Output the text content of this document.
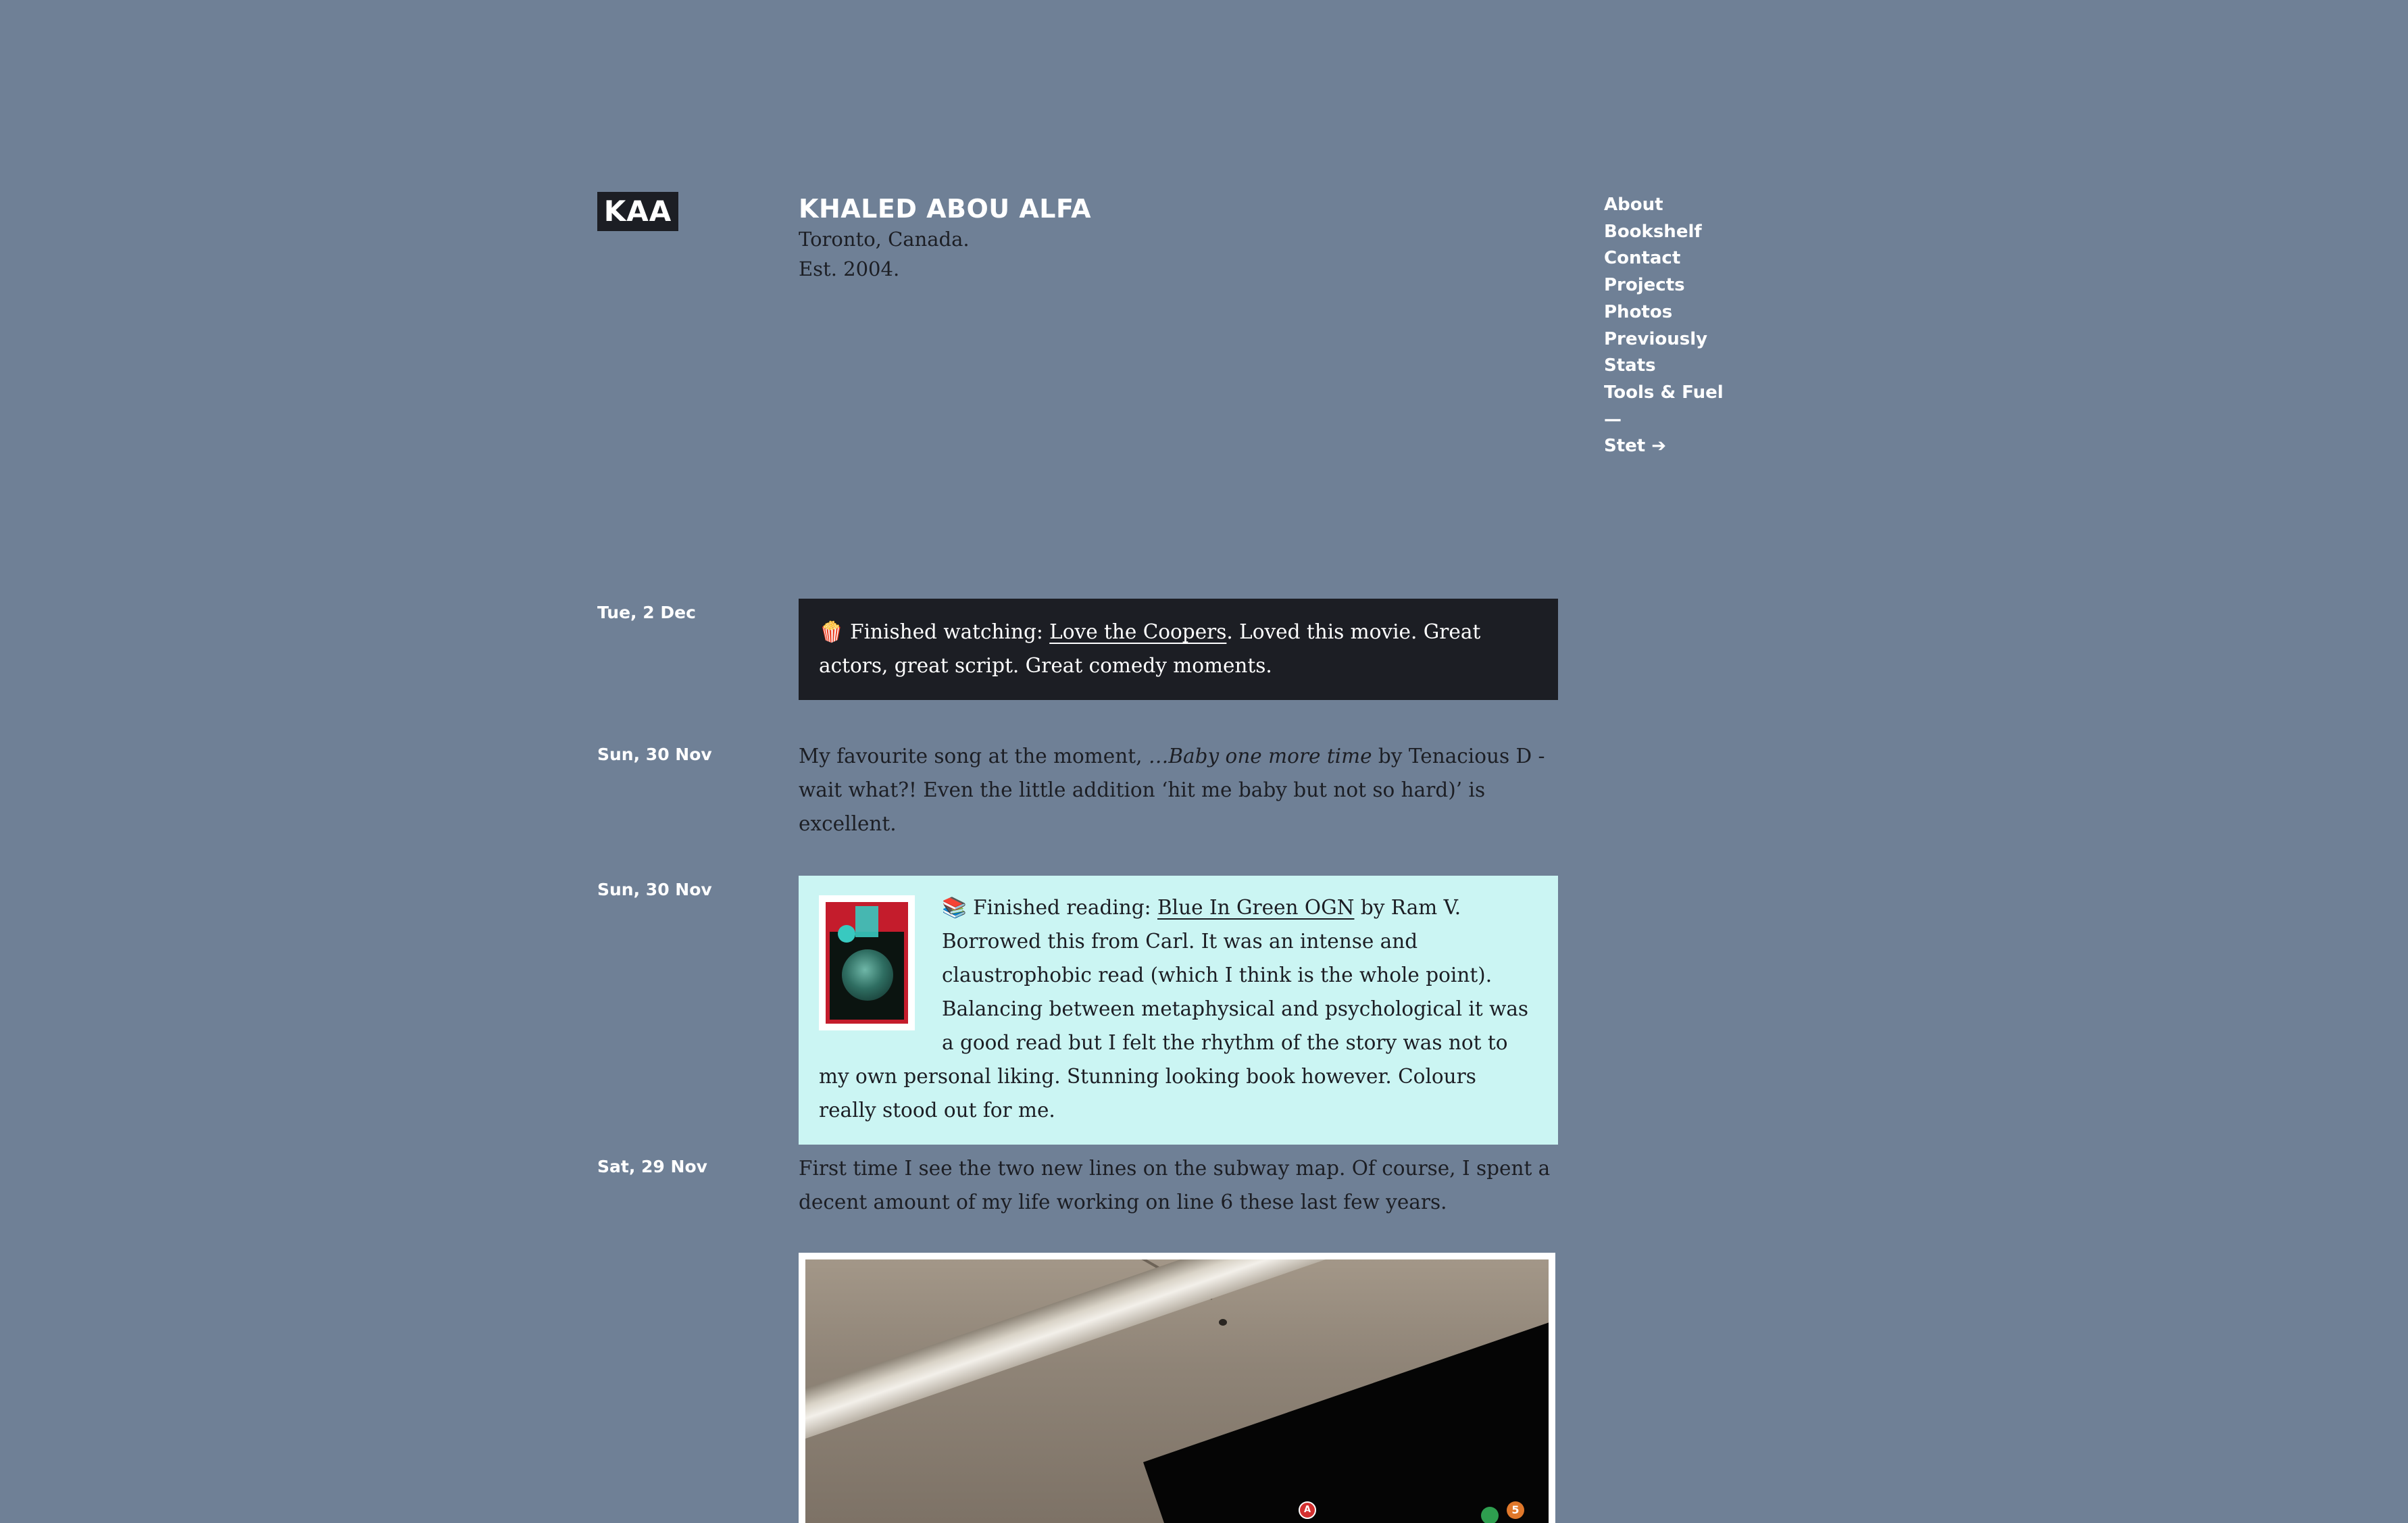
KAA	KHALED ABOU ALFA
Toronto, Canada.
Est. 2004.
About
Bookshelf
Contact
Projects
Photos
Previously
Stats
Tools & Fuel
—
Stet ➔
Tue, 2 Dec
🍿 Finished watching: Love the Coopers. Loved this movie. Great actors, great script. Great comedy moments.
Sun, 30 Nov	My favourite song at the moment, …Baby one more time by Tenacious D - wait what?! Even the little addition ‘hit me baby but not so hard)’ is excellent.
Sun, 30 Nov
📚 Finished reading: Blue In Green OGN by Ram V. Borrowed this from Carl. It was an intense and claustrophobic read (which I think is the whole point). Balancing between metaphysical and psychological it was a good read but I felt the rhythm of the story was not to my own personal liking. Stunning looking book however. Colours really stood out for me.
Sat, 29 Nov	First time I see the two new lines on the subway map. Of course, I spent a decent amount of my life working on line 6 these last few years.
A	5
